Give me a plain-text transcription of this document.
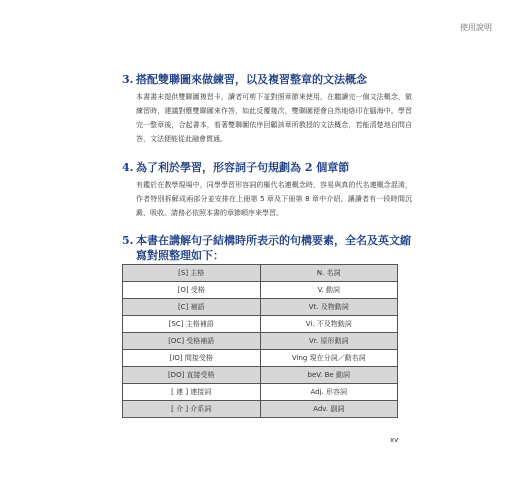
使用說明
3. 搭配雙聯圖來做練習，以及複習整章的文法概念

本書書末提供雙聯圖複習卡，讀者可剪下並對照章節來使用，在聽讀完一個文法概念，做練習時，建議對應雙聯圖來作答，如此反覆幾次，雙聯圖便會自然地烙印在腦海中。學習完一整章後，合起書本，看著雙聯圖依序回顧該章所教授的文法概念，若能清楚地自問自答，文法便能從此融會貫通。

4. 為了利於學習，形容詞子句規劃為 2 個章節

有鑑於在教學現場中，同學學習形容詞的樞代名連概念時，容易與真的代名連概念混淆，作者特別拆解成兩部分並安排在上冊第 5 章及下冊第 8 章中介紹，讓讀者有一段時間沉澱、吸收。請務必依照本書的章節順序來學習。

5. 本書在講解句子結構時所表示的句構要素，全名及英文縮寫對照整理如下：
[S] 主格	N. 名詞
[O] 受格	V. 動詞
[C] 補語	Vt. 及物動詞
[SC] 主格補語	Vi. 不及物動詞
[OC] 受格補語	Vr. 原形動詞
[IO] 間接受格	Ving 現在分詞／動名詞
[DO] 直接受格	beV. Be 動詞
[ 連 ] 連接詞	Adj. 形容詞
[ 介 ] 介系詞	Adv. 副詞
xv
